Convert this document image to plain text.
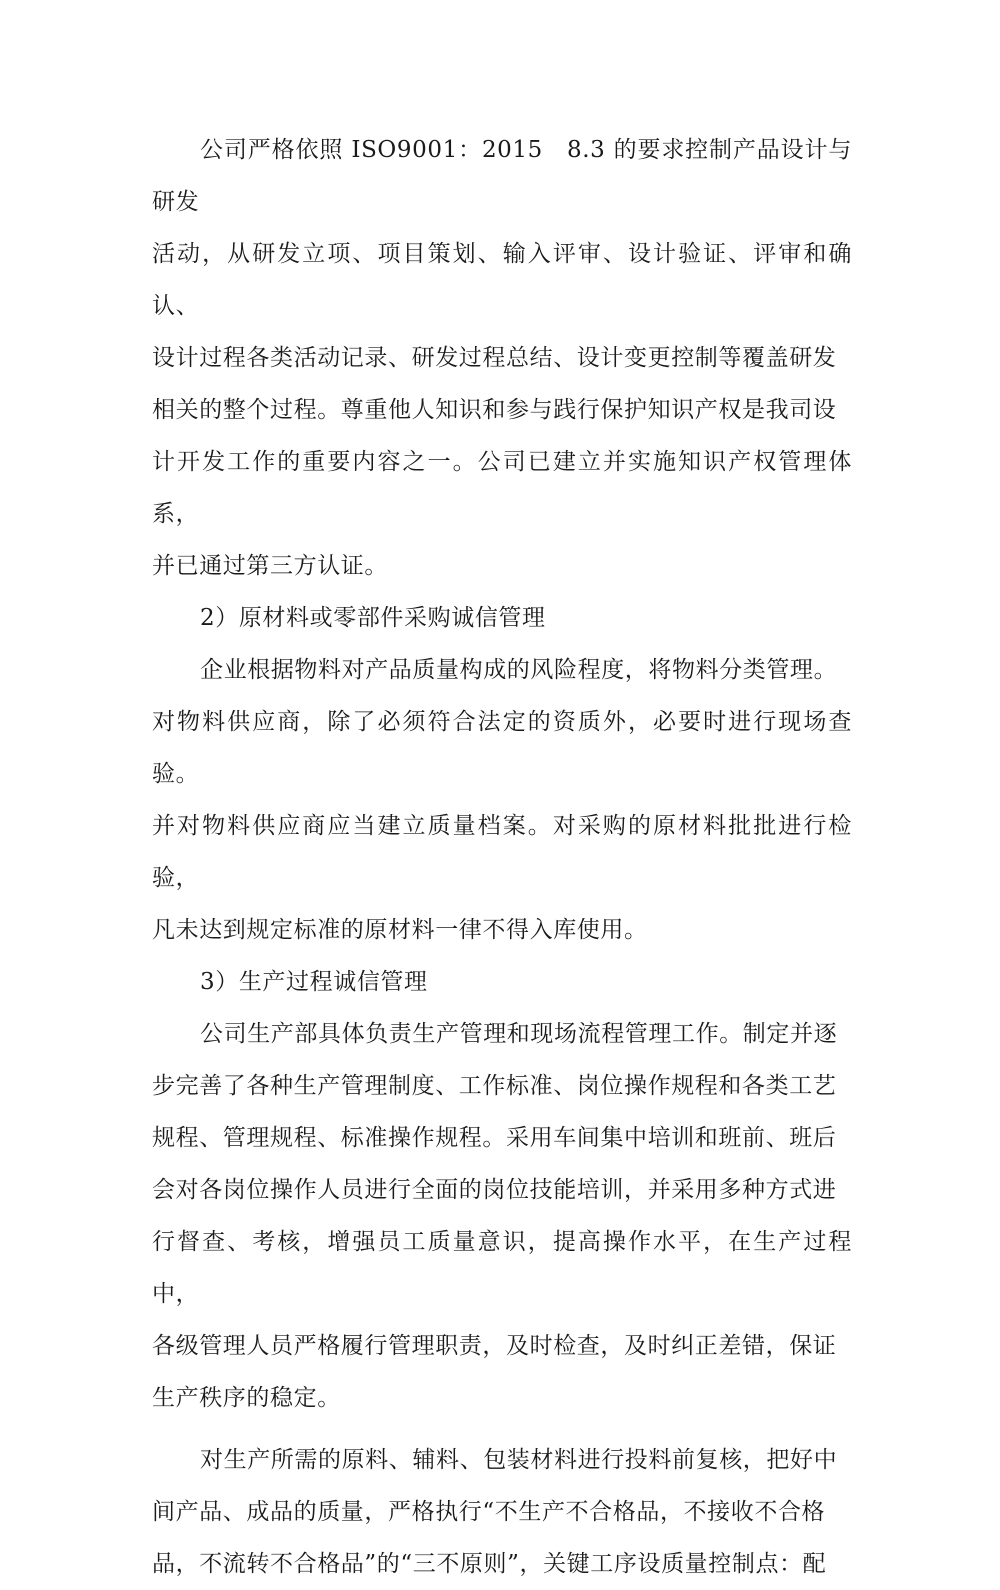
公司严格依照 ISO9001：2015　8.3 的要求控制产品设计与研发
活动，从研发立项、项目策划、输入评审、设计验证、评审和确认、
设计过程各类活动记录、研发过程总结、设计变更控制等覆盖研发
相关的整个过程。尊重他人知识和参与践行保护知识产权是我司设
计开发工作的重要内容之一。公司已建立并实施知识产权管理体系，
并已通过第三方认证。
2）原材料或零部件采购诚信管理
企业根据物料对产品质量构成的风险程度，将物料分类管理。
对物料供应商，除了必须符合法定的资质外，必要时进行现场查验。
并对物料供应商应当建立质量档案。对采购的原材料批批进行检验，
凡未达到规定标准的原材料一律不得入库使用。
3）生产过程诚信管理
公司生产部具体负责生产管理和现场流程管理工作。制定并逐
步完善了各种生产管理制度、工作标准、岗位操作规程和各类工艺
规程、管理规程、标准操作规程。采用车间集中培训和班前、班后
会对各岗位操作人员进行全面的岗位技能培训，并采用多种方式进
行督查、考核，增强员工质量意识，提高操作水平，在生产过程中，
各级管理人员严格履行管理职责，及时检查，及时纠正差错，保证
生产秩序的稳定。
对生产所需的原料、辅料、包装材料进行投料前复核，把好中
间产品、成品的质量，严格执行“不生产不合格品，不接收不合格
品，不流转不合格品”的“三不原则”，关键工序设质量控制点：配
